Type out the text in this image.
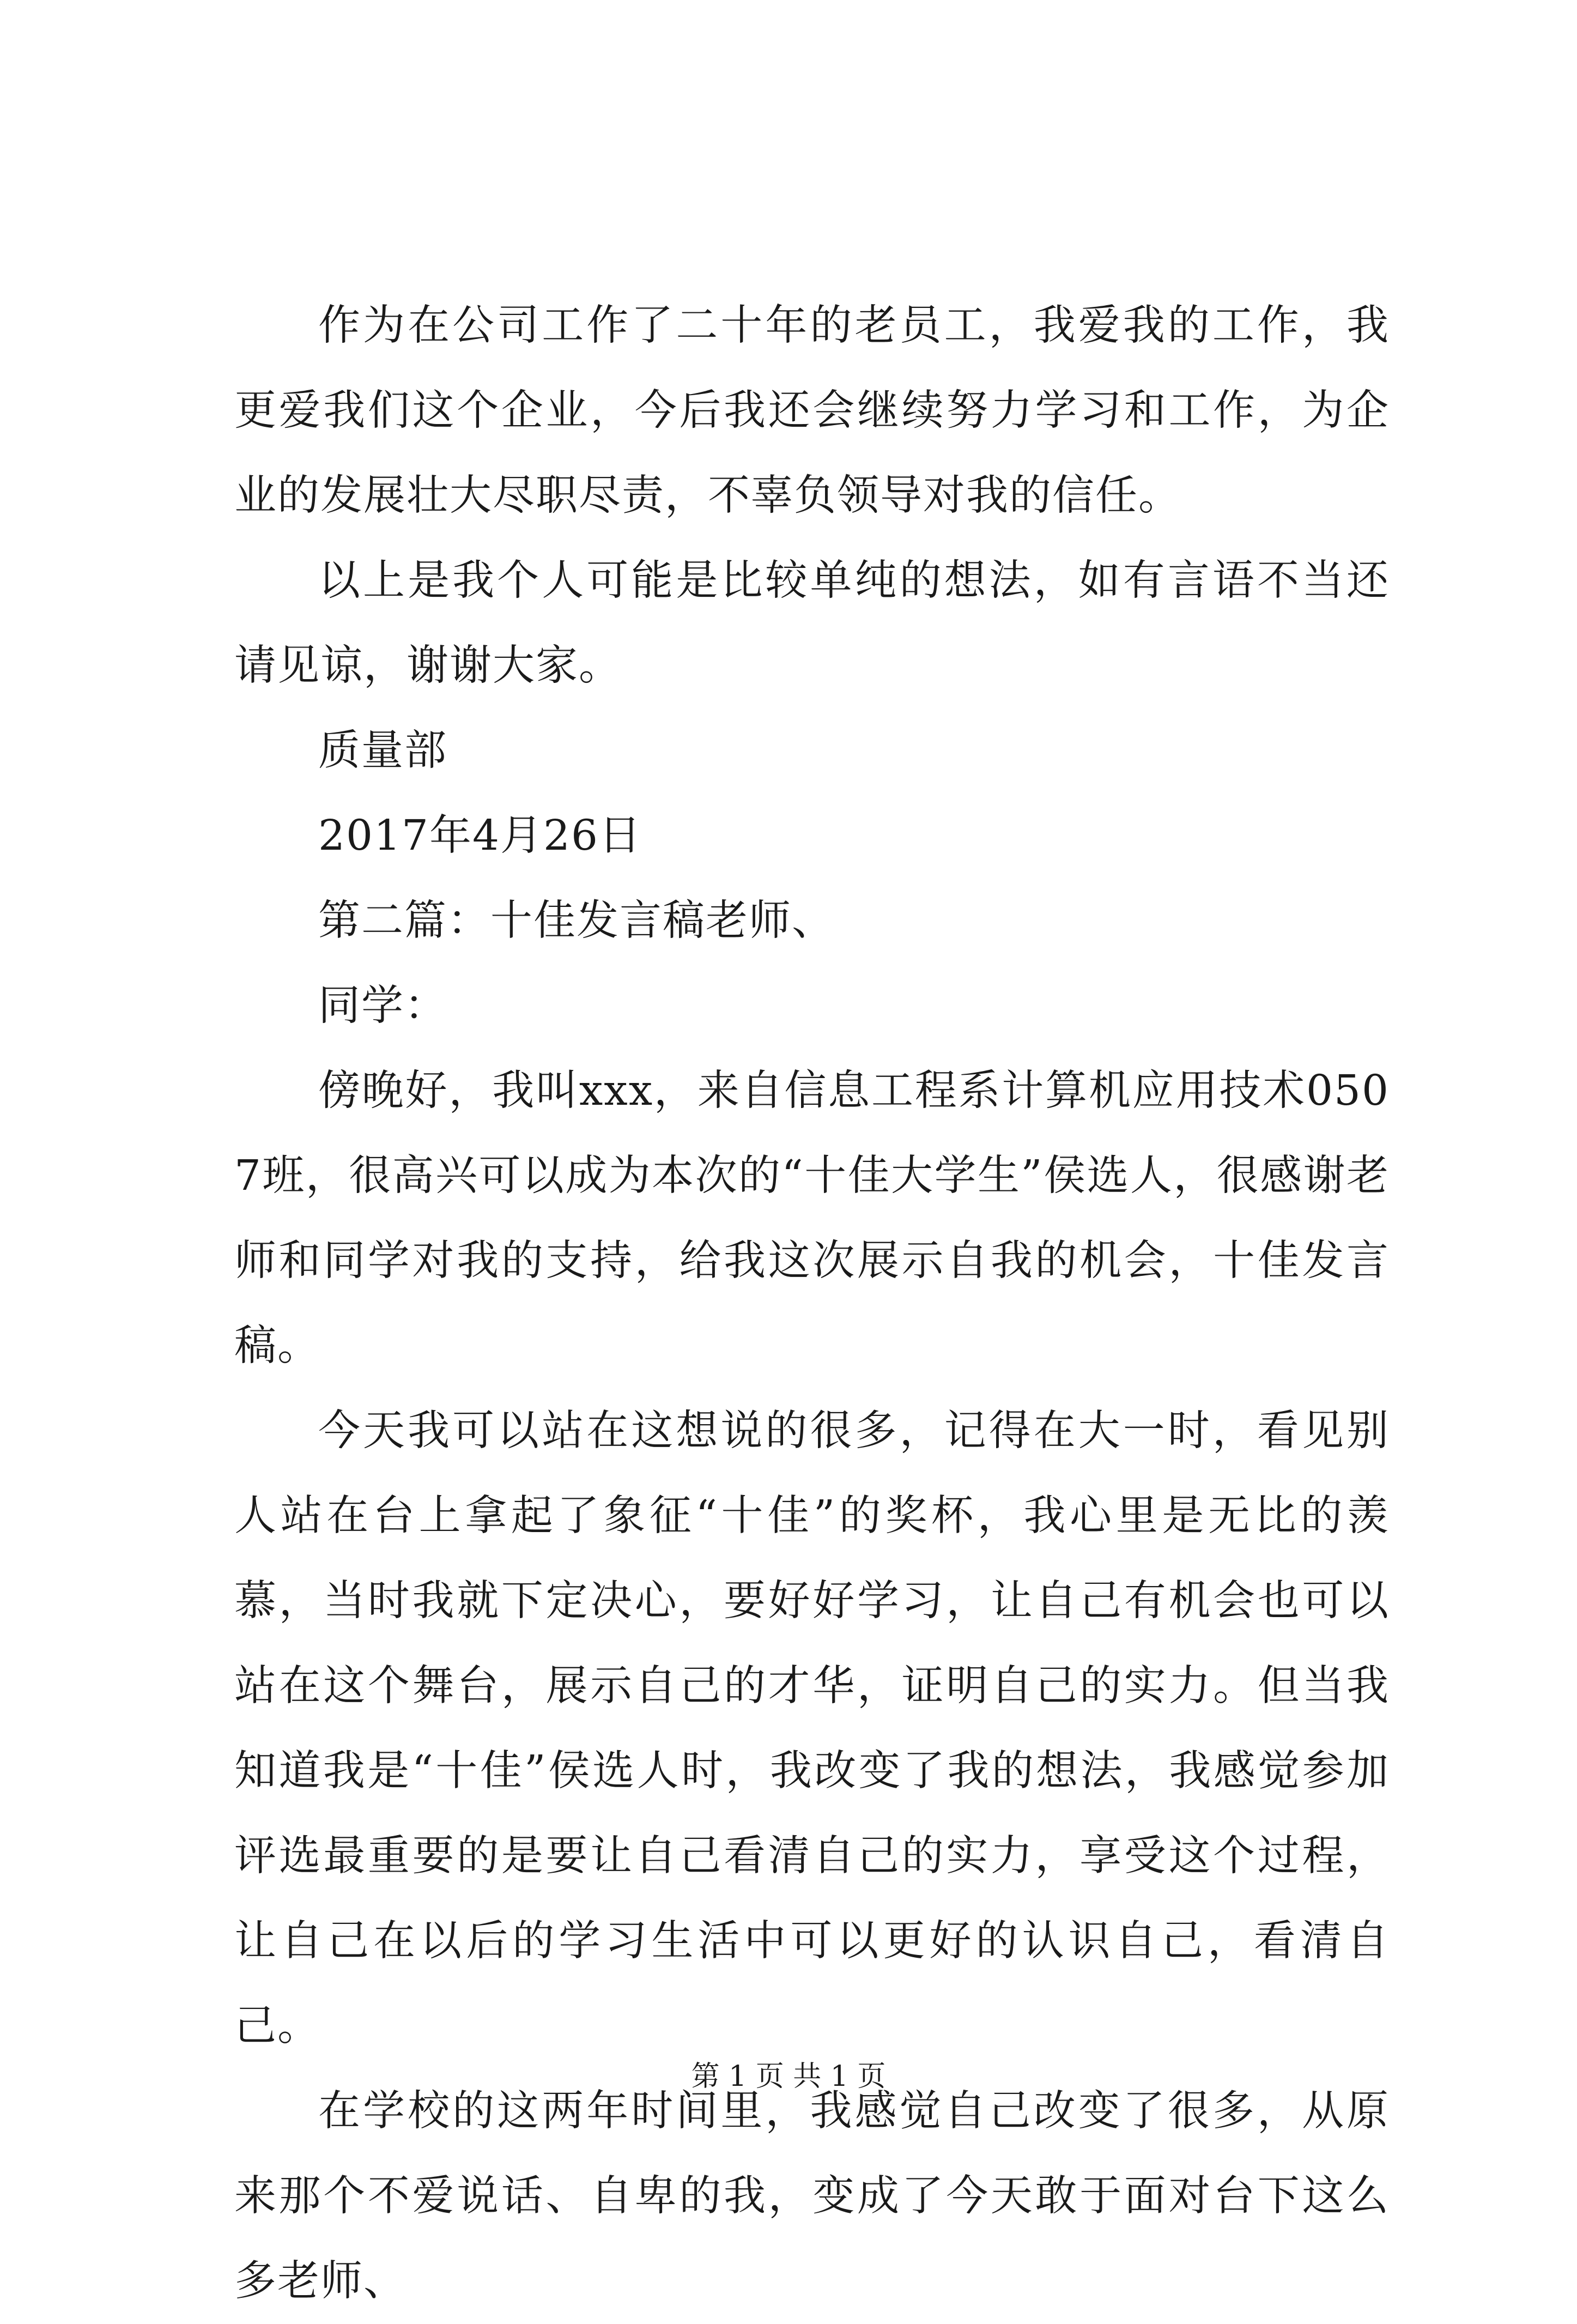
作为在公司工作了二十年的老员工，我爱我的工作，我更爱我们这个企业，今后我还会继续努力学习和工作，为企业的发展壮大尽职尽责，不辜负领导对我的信任。

以上是我个人可能是比较单纯的想法，如有言语不当还请见谅，谢谢大家。

质量部

2017年4月26日

第二篇：十佳发言稿老师、

同学：

傍晚好，我叫xxx，来自信息工程系计算机应用技术0507班，很高兴可以成为本次的“十佳大学生”侯选人，很感谢老师和同学对我的支持，给我这次展示自我的机会，十佳发言稿。

今天我可以站在这想说的很多，记得在大一时，看见别人站在台上拿起了象征“十佳”的奖杯，我心里是无比的羡慕，当时我就下定决心，要好好学习，让自己有机会也可以站在这个舞台，展示自己的才华，证明自己的实力。但当我知道我是“十佳”侯选人时，我改变了我的想法，我感觉参加评选最重要的是要让自己看清自己的实力，享受这个过程，让自己在以后的学习生活中可以更好的认识自己，看清自己。

在学校的这两年时间里，我感觉自己改变了很多，从原来那个不爱说话、自卑的我，变成了今天敢于面对台下这么多老师、

第 1 页 共 1 页
